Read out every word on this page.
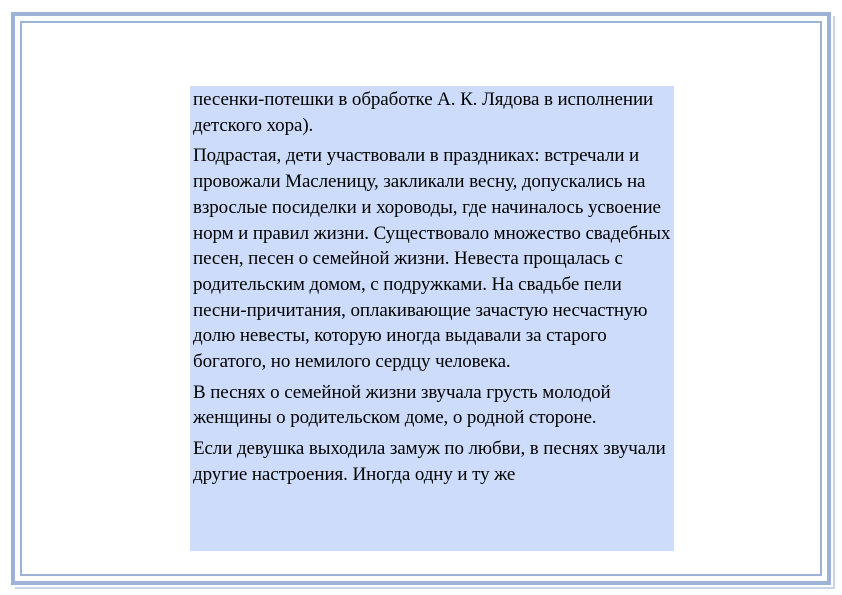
песенки-потешки в обработке А. К. Лядова в исполнении детского хора).

Подрастая, дети участвовали в праздниках: встречали и провожали Масленицу, закликали весну, допускались на взрослые посиделки и хороводы, где начиналось усвоение норм и правил жизни. Существовало множество свадебных песен, песен о семейной жизни. Невеста прощалась с родительским домом, с подружками. На свадьбе пели песни-причитания, оплакивающие зачастую несчастную долю невесты, которую иногда выдавали за старого богатого, но немилого сердцу человека.

В песнях о семейной жизни звучала грусть молодой женщины о родительском доме, о родной стороне.

Если девушка выходила замуж по любви, в песнях звучали другие настроения. Иногда одну и ту же
